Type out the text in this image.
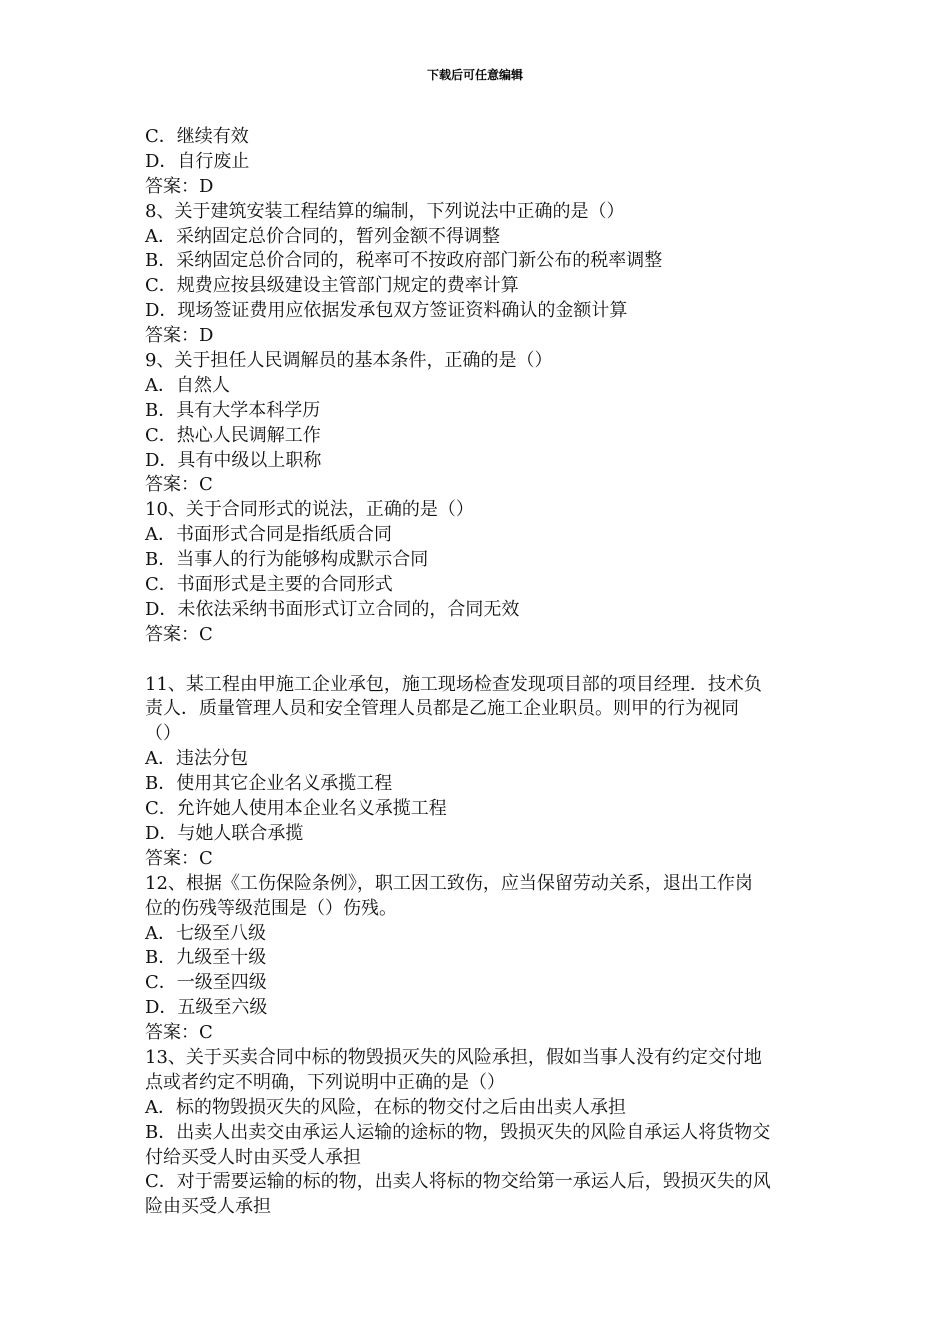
下载后可任意编辑
C．继续有效
D．自行废止
答案：D
8、关于建筑安装工程结算的编制，下列说法中正确的是（）
A．采纳固定总价合同的，暂列金额不得调整
B．采纳固定总价合同的，税率可不按政府部门新公布的税率调整
C．规费应按县级建设主管部门规定的费率计算
D．现场签证费用应依据发承包双方签证资料确认的金额计算
答案：D
9、关于担任人民调解员的基本条件，正确的是（）
A．自然人
B．具有大学本科学历
C．热心人民调解工作
D．具有中级以上职称
答案：C
10、关于合同形式的说法，正确的是（）
A．书面形式合同是指纸质合同
B．当事人的行为能够构成默示合同
C．书面形式是主要的合同形式
D．未依法采纳书面形式订立合同的，合同无效
答案：C
11、某工程由甲施工企业承包，施工现场检查发现项目部的项目经理．技术负
责人．质量管理人员和安全管理人员都是乙施工企业职员。则甲的行为视同
（）
A．违法分包
B．使用其它企业名义承揽工程
C．允许她人使用本企业名义承揽工程
D．与她人联合承揽
答案：C
12、根据《工伤保险条例》，职工因工致伤，应当保留劳动关系，退出工作岗
位的伤残等级范围是（）伤残。
A．七级至八级
B．九级至十级
C．一级至四级
D．五级至六级
答案：C
13、关于买卖合同中标的物毁损灭失的风险承担，假如当事人没有约定交付地
点或者约定不明确，下列说明中正确的是（）
A．标的物毁损灭失的风险，在标的物交付之后由出卖人承担
B．出卖人出卖交由承运人运输的途标的物，毁损灭失的风险自承运人将货物交
付给买受人时由买受人承担
C．对于需要运输的标的物，出卖人将标的物交给第一承运人后，毁损灭失的风
险由买受人承担
